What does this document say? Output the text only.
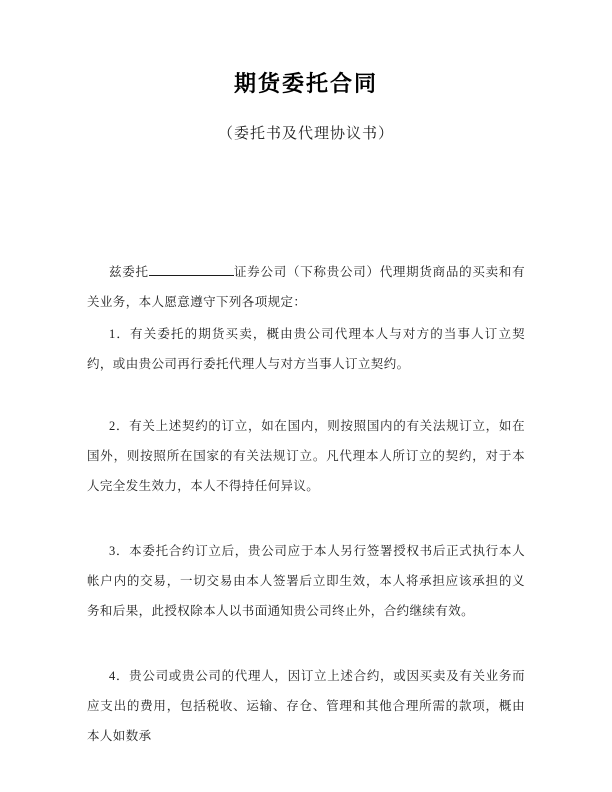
期货委托合同
（委托书及代理协议书）

兹委托	证券公司（下称贵公司）代理期货商品的买卖和有关业务，本人愿意遵守下列各项规定：

1．有关委托的期货买卖，概由贵公司代理本人与对方的当事人订立契约，或由贵公司再行委托代理人与对方当事人订立契约。

2．有关上述契约的订立，如在国内，则按照国内的有关法规订立，如在国外，则按照所在国家的有关法规订立。凡代理本人所订立的契约，对于本人完全发生效力，本人不得持任何异议。

3．本委托合约订立后，贵公司应于本人另行签署授权书后正式执行本人帐户内的交易，一切交易由本人签署后立即生效，本人将承担应该承担的义务和后果，此授权除本人以书面通知贵公司终止外，合约继续有效。

4．贵公司或贵公司的代理人，因订立上述合约，或因买卖及有关业务而应支出的费用，包括税收、运输、存仓、管理和其他合理所需的款项，概由本人如数承
